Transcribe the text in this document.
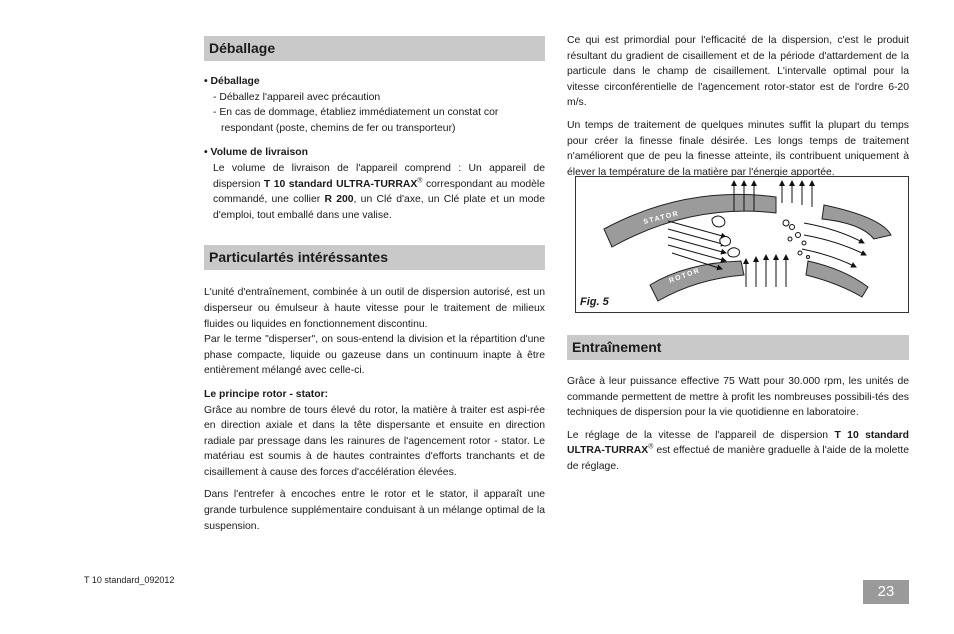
Déballage
• Déballage
- Déballez l'appareil avec précaution
- En cas de dommage, établiez immédiatement un constat cor
respondant (poste, chemins de fer ou transporteur)
• Volume de livraison

Le volume de livraison de l'appareil comprend : Un appareil de dispersion T 10 standard ULTRA-TURRAX® correspondant au modèle commandé, une collier R 200, un Clé d'axe, un Clé plate et un mode d'emploi, tout emballé dans une valise.

Particulartés intéréssantes

L'unité d'entraînement, combinée à un outil de dispersion autorisé, est un disperseur ou émulseur à haute vitesse pour le traitement de milieux fluides ou liquides en fonctionnement discontinu.

Par le terme "disperser", on sous-entend la division et la répartition d'une phase compacte, liquide ou gazeuse dans un continuum inapte à être entièrement mélangé avec celle-ci.

Le principe rotor - stator:

Grâce au nombre de tours élevé du rotor, la matière à traiter est aspi-rée en direction axiale et dans la tête dispersante et ensuite en direction radiale par pressage dans les rainures de l'agencement rotor - stator. Le matériau est soumis à de hautes contraintes d'efforts tranchants et de cisaillement à cause des forces d'accélération élevées.

Dans l'entrefer à encoches entre le rotor et le stator, il apparaît une grande turbulence supplémentaire conduisant à un mélange optimal de la suspension.

Ce qui est primordial pour l'efficacité de la dispersion, c'est le produit résultant du gradient de cisaillement et de la période d'attardement de la particule dans le champ de cisaillement. L'intervalle optimal pour la vitesse circonférentielle de l'agencement rotor-stator est de l'ordre 6-20 m/s.

Un temps de traitement de quelques minutes suffit la plupart du temps pour créer la finesse finale désirée. Les longs temps de traitement n'améliorent que de peu la finesse atteinte, ils contribuent uniquement à élever la température de la matière par l'énergie apportée.

STATOR
ROTOR
Fig. 5
Entraînement

Grâce à leur puissance effective 75 Watt pour 30.000 rpm, les unités de commande permettent de mettre à profit les nombreuses possibili-tés des techniques de dispersion pour la vie quotidienne en laboratoire.

Le réglage de la vitesse de l'appareil de dispersion T 10 standard ULTRA-TURRAX® est effectué de manière graduelle à l'aide de la molette de réglage.

T 10 standard_092012
23
